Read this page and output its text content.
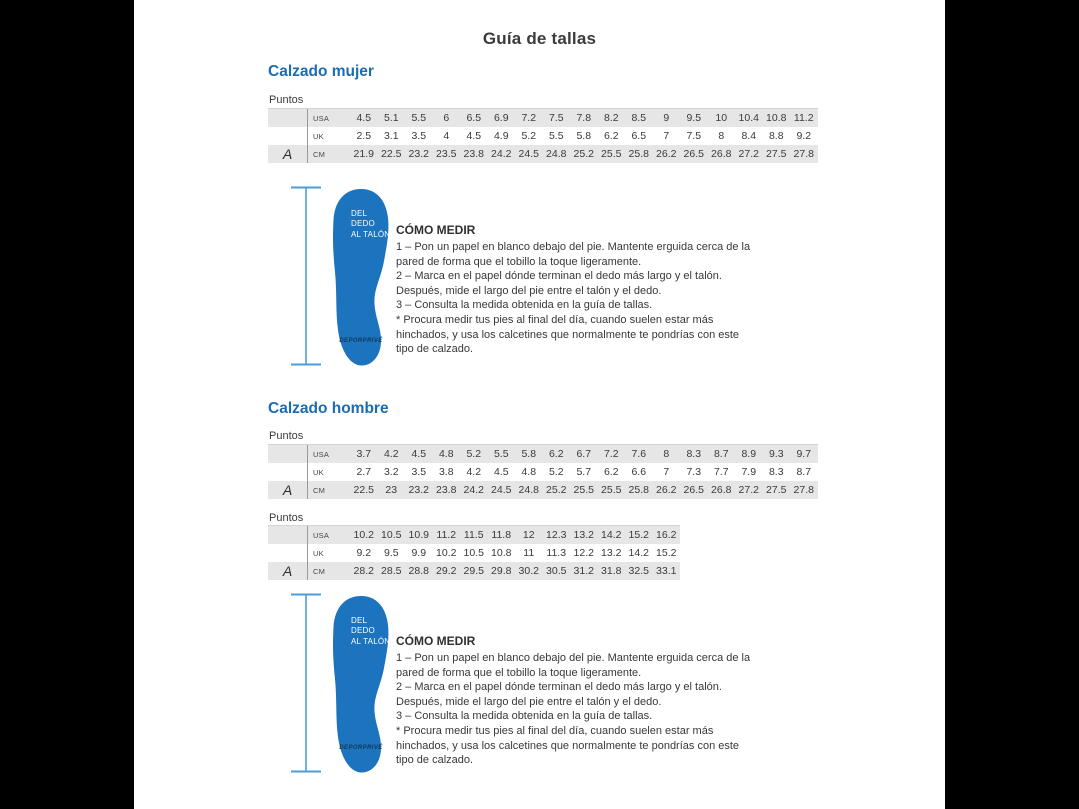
Guía de tallas
Calzado mujer
Puntos
USA	4.5	5.1	5.5	6	6.5	6.9	7.2	7.5	7.8	8.2	8.5	9	9.5	10	10.4 10.8 11.2
UK	2.5	3.1	3.5	4	4.5	4.9	5.2	5.5	5.8	6.2	6.5	7	7.5	8	8.4	8.8	9.2
A	CM	21.9 22.5 23.2 23.5 23.8 24.2 24.5 24.8 25.2 25.5 25.8 26.2 26.5 26.8 27.2 27.5 27.8
DEL DEDO
AL TALÓN
DEPORPRIVÉ
CÓMO MEDIR
1 – Pon un papel en blanco debajo del pie. Mantente erguida cerca de la pared de forma que el tobillo la toque ligeramente.
2 – Marca en el papel dónde terminan el dedo más largo y el talón. Después, mide el largo del pie entre el talón y el dedo.
3 – Consulta la medida obtenida en la guía de tallas.
* Procura medir tus pies al final del día, cuando suelen estar más hinchados, y usa los calcetines que normalmente te pondrías con este tipo de calzado.
Calzado hombre
Puntos
USA	3.7	4.2	4.5	4.8	5.2	5.5	5.8	6.2	6.7	7.2	7.6	8	8.3	8.7	8.9	9.3	9.7
UK	2.7	3.2	3.5	3.8	4.2	4.5	4.8	5.2	5.7	6.2	6.6	7	7.3	7.7	7.9	8.3	8.7
A	CM	22.5	23	23.2 23.8 24.2 24.5 24.8 25.2 25.5 25.5 25.8 26.2 26.5 26.8 27.2 27.5 27.8
Puntos
USA	10.2 10.5 10.9 11.2 11.5 11.8	12	12.3 13.2 14.2 15.2 16.2
UK	9.2	9.5	9.9 10.2 10.5 10.8	11	11.3 12.2 13.2 14.2 15.2
A	CM	28.2 28.5 28.8 29.2 29.5 29.8 30.2 30.5 31.2 31.8 32.5 33.1
DEL DEDO
AL TALÓN
DEPORPRIVÉ
CÓMO MEDIR
1 – Pon un papel en blanco debajo del pie. Mantente erguida cerca de la pared de forma que el tobillo la toque ligeramente.
2 – Marca en el papel dónde terminan el dedo más largo y el talón. Después, mide el largo del pie entre el talón y el dedo.
3 – Consulta la medida obtenida en la guía de tallas.
* Procura medir tus pies al final del día, cuando suelen estar más hinchados, y usa los calcetines que normalmente te pondrías con este tipo de calzado.
